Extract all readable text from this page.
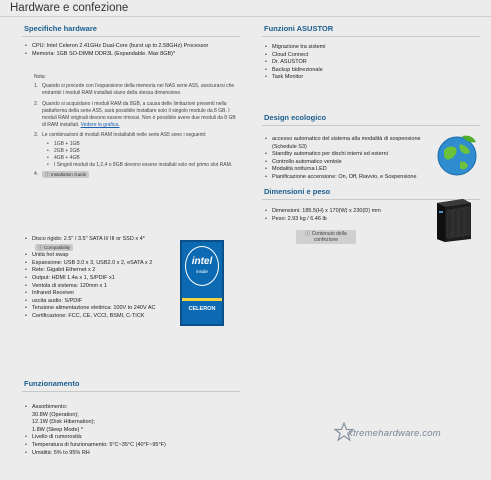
Hardware e confezione
Specifiche hardware
• CPU: Intel Celeron 2.41GHz Dual-Core (burst up to 2.58GHz) Processor
• Memoria: 1GB SO-DIMM DDR3L (Expandable. Max 8GB)*
Nota:
1. Quando si procede con l'espansione della memoria nei NAS serie AS5, assicurarsi che entrambi i moduli RAM installati siano della stessa dimensione.
2. Quando si acquistano i moduli RAM da 8GB, a causa delle limitazioni presenti nella piattaforma della serie AS5, sarà possibile installare solo il singolo modulo da 8 GB. I moduli RAM originali devono essere rimossi. Non è possibile avere due moduli da 8 GB di RAM installati. Vedere la grafica.
3. Le combinazioni di moduli RAM installabili nelle serie AS5 sono i seguenti:
• 1GB + 1GB
• 2GB + 2GB
• 4GB + 4GB
• I Singoli moduli da 1,2,4 o 8GB devono essere installati solo nel primo slot RAM.
4. ⓘ Installation Guide
• Disco rigido: 2.5" / 3.5" SATA II/ III or SSD x 4* ⓘ Compatibility
• Unità hot swap
• Espansione: USB 3.0 x 3, USB2.0 x 2, eSATA x 2
• Rete: Gigabit Ethernet x 2
• Output: HDMI 1.4a x 1, S/PDIF x1
• Ventola di sistema: 120mm x 1
• Infrared Receiver
• uscita audio: S/PDIF
• Tensione alimentazione elettrica: 100V to 240V AC
• Certificazione: FCC, CE, VCCI, BSMI, C-TICK
intel
inside
CELERON
Funzionamento
• Assorbimento:
30.8W (Operation);
12.1W (Disk Hibernation);
1.8W (Sleep Mode) *
• Livello di rumorosità:
• Temperatura di funzionamento: 5°C~35°C (40°F~95°F)
• Umidità: 5% to 95% RH
Funzioni ASUSTOR
• Migrazione tra sistemi
• Cloud Connect
• Dr. ASUSTOR
• Backup bidirezionale
• Task Monitor
Design ecologico
• accesso automatico del sistema alla modalità di sospensione (Schedule S3)
• Standby automatico per dischi interni ed esterni
• Controllo automatico ventole
• Modalità notturna LED
• Pianificazione accensione: On, Off, Riavvio, e Sospensione
Dimensioni e peso
• Dimensioni: 185.5(H) x 170(W) x 230(D) mm
• Peso: 2.93 kg / 6.46 lb
ⓘ Contenuto della confezione
xtremehardware.com
